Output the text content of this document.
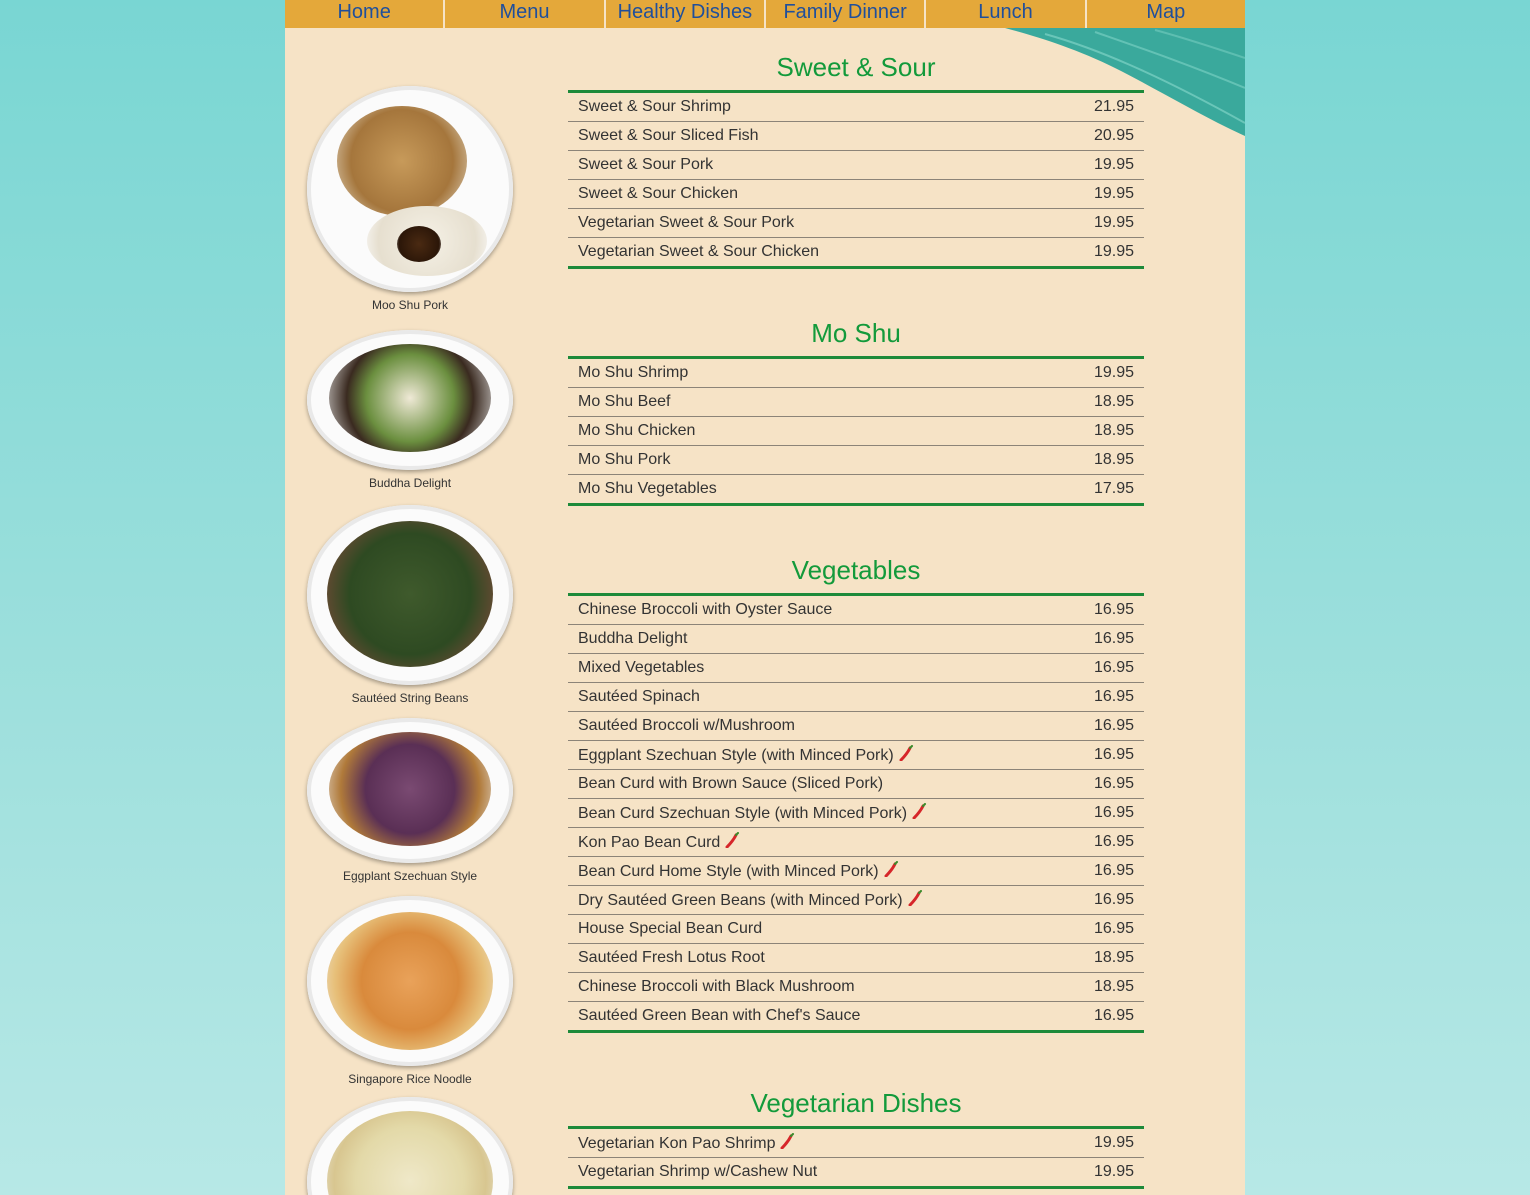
Home	Menu	Healthy Dishes	Family Dinner	Lunch	Map
Moo Shu Pork
Buddha Delight
Sautéed String Beans
Eggplant Szechuan Style
Singapore Rice Noodle
Sweet & Sour
Sweet & Sour Shrimp	21.95
Sweet & Sour Sliced Fish	20.95
Sweet & Sour Pork	19.95
Sweet & Sour Chicken	19.95
Vegetarian Sweet & Sour Pork	19.95
Vegetarian Sweet & Sour Chicken	19.95
Mo Shu
Mo Shu Shrimp	19.95
Mo Shu Beef	18.95
Mo Shu Chicken	18.95
Mo Shu Pork	18.95
Mo Shu Vegetables	17.95
Vegetables
Chinese Broccoli with Oyster Sauce	16.95
Buddha Delight	16.95
Mixed Vegetables	16.95
Sautéed Spinach	16.95
Sautéed Broccoli w/Mushroom	16.95
Eggplant Szechuan Style (with Minced Pork)	16.95
Bean Curd with Brown Sauce (Sliced Pork)	16.95
Bean Curd Szechuan Style (with Minced Pork)	16.95
Kon Pao Bean Curd	16.95
Bean Curd Home Style (with Minced Pork)	16.95
Dry Sautéed Green Beans (with Minced Pork)	16.95
House Special Bean Curd	16.95
Sautéed Fresh Lotus Root	18.95
Chinese Broccoli with Black Mushroom	18.95
Sautéed Green Bean with Chef's Sauce	16.95
Vegetarian Dishes
Vegetarian Kon Pao Shrimp	19.95
Vegetarian Shrimp w/Cashew Nut	19.95
